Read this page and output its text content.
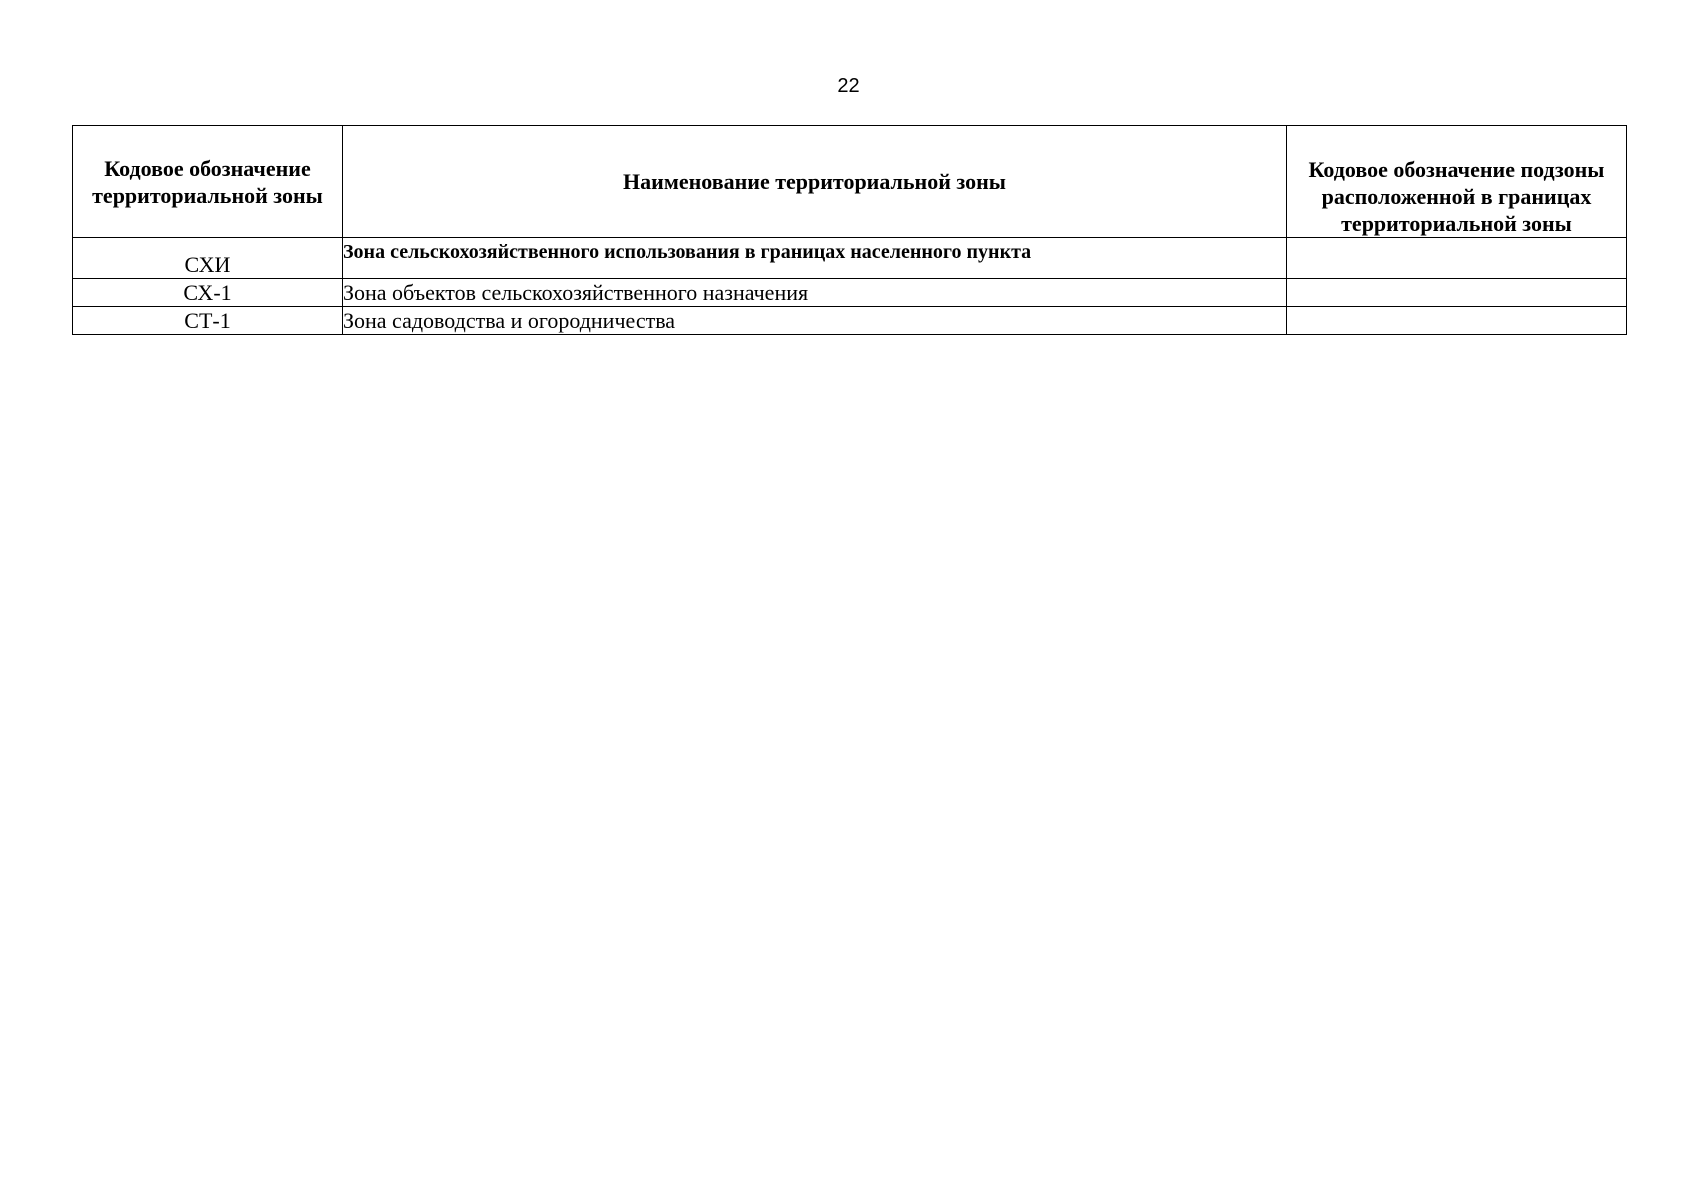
22
Кодовое обозначение территориальной зоны	Наименование территориальной зоны	Кодовое обозначение подзоны расположенной в границах территориальной зоны
СХИ	Зона сельскохозяйственного использования в границах населенного пункта	
СХ-1	Зона объектов сельскохозяйственного назначения	
СТ-1	Зона садоводства и огородничества	
